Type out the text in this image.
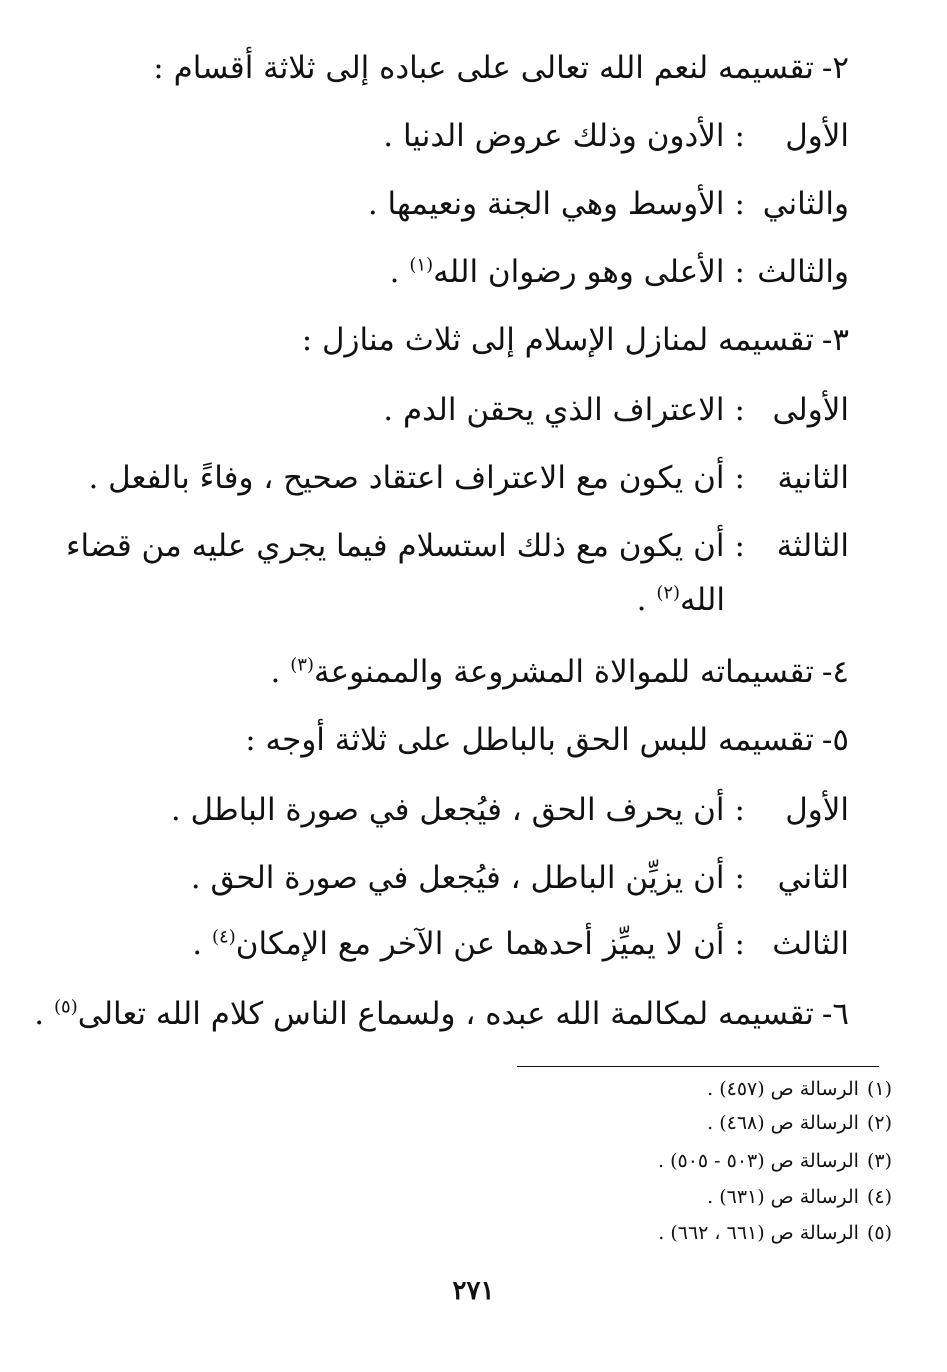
٢-تقسيمه لنعم الله تعالى على عباده إلى ثلاثة أقسام :
الأول:الأدون وذلك عروض الدنيا .
والثاني:الأوسط وهي الجنة ونعيمها .
والثالث:الأعلى وهو رضوان الله$^{(١)}$ .
٣-تقسيمه لمنازل الإسلام إلى ثلاث منازل :
الأولى:الاعتراف الذي يحقن الدم .
الثانية:أن يكون مع الاعتراف اعتقاد صحيح ، وفاءً بالفعل .
الثالثة:أن يكون مع ذلك استسلام فيما يجري عليه من قضاء
الله$^{(٢)}$ .
٤-تقسيماته للموالاة المشروعة والممنوعة$^{(٣)}$ .
٥-تقسيمه للبس الحق بالباطل على ثلاثة أوجه :
الأول:أن يحرف الحق ، فيُجعل في صورة الباطل .
الثاني:أن يزيِّن الباطل ، فيُجعل في صورة الحق .
الثالث:أن لا يميِّز أحدهما عن الآخر مع الإمكان$^{(٤)}$ .
٦-تقسيمه لمكالمة الله عبده ، ولسماع الناس كلام الله تعالى$^{(٥)}$ .
(١)الرسالة ص (٤٥٧) .
(٢)الرسالة ص (٤٦٨) .
(٣)الرسالة ص (٥٠٣ - ٥٠٥) .
(٤)الرسالة ص (٦٣١) .
(٥)الرسالة ص (٦٦١ ، ٦٦٢) .
٢٧١
